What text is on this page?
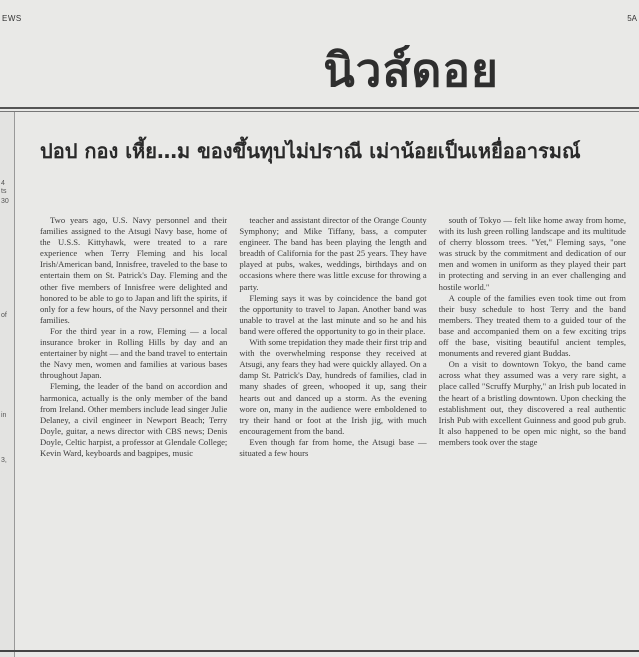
EWS	5A
นิวส์ดอย
4
ts
30
of
in
3,
ปอป กอง เหี้ย…ม ของขึ้นทุบไม่ปราณี เม่าน้อยเป็นเหยื่ออารมณ์

Two years ago, U.S. Navy personnel and their families assigned to the Atsugi Navy base, home of the U.S.S. Kittyhawk, were treated to a rare experience when Terry Fleming and his local Irish/American band, Innisfree, traveled to the base to entertain them on St. Patrick's Day. Fleming and the other five members of Innisfree were delighted and honored to be able to go to Japan and lift the spirits, if only for a few hours, of the Navy personnel and their families.

For the third year in a row, Fleming — a local insurance broker in Rolling Hills by day and an entertainer by night — and the band travel to entertain the Navy men, women and families at various bases throughout Japan.

Fleming, the leader of the band on accordion and harmonica, actually is the only member of the band from Ireland. Other members include lead singer Julie Delaney, a civil engineer in Newport Beach; Terry Doyle, guitar, a news director with CBS news; Denis Doyle, Celtic harpist, a professor at Glendale College; Kevin Ward, keyboards and bagpipes, music

teacher and assistant director of the Orange County Symphony; and Mike Tiffany, bass, a computer engineer. The band has been playing the length and breadth of California for the past 25 years. They have played at pubs, wakes, weddings, birthdays and on occasions where there was little excuse for throwing a party.

Fleming says it was by coincidence the band got the opportunity to travel to Japan. Another band was unable to travel at the last minute and so he and his band were offered the opportunity to go in their place.

With some trepidation they made their first trip and with the overwhelming response they received at Atsugi, any fears they had were quickly allayed. On a damp St. Patrick's Day, hundreds of families, clad in many shades of green, whooped it up, sang their hearts out and danced up a storm. As the evening wore on, many in the audience were emboldened to try their hand or foot at the Irish jig, with much encouragement from the band.

Even though far from home, the Atsugi base — situated a few hours

south of Tokyo — felt like home away from home, with its lush green rolling landscape and its multitude of cherry blossom trees. "Yet," Fleming says, "one was struck by the commitment and dedication of our men and women in uniform as they played their part in protecting and serving in an ever challenging and hostile world."

A couple of the families even took time out from their busy schedule to host Terry and the band members. They treated them to a guided tour of the base and accompanied them on a few exciting trips off the base, visiting beautiful ancient temples, monuments and revered giant Buddas.

On a visit to downtown Tokyo, the band came across what they assumed was a very rare sight, a place called "Scruffy Murphy," an Irish pub located in the heart of a bristling downtown. Upon checking the establishment out, they discovered a real authentic Irish Pub with excellent Guinness and good pub grub. It also happened to be open mic night, so the band members took over the stage
